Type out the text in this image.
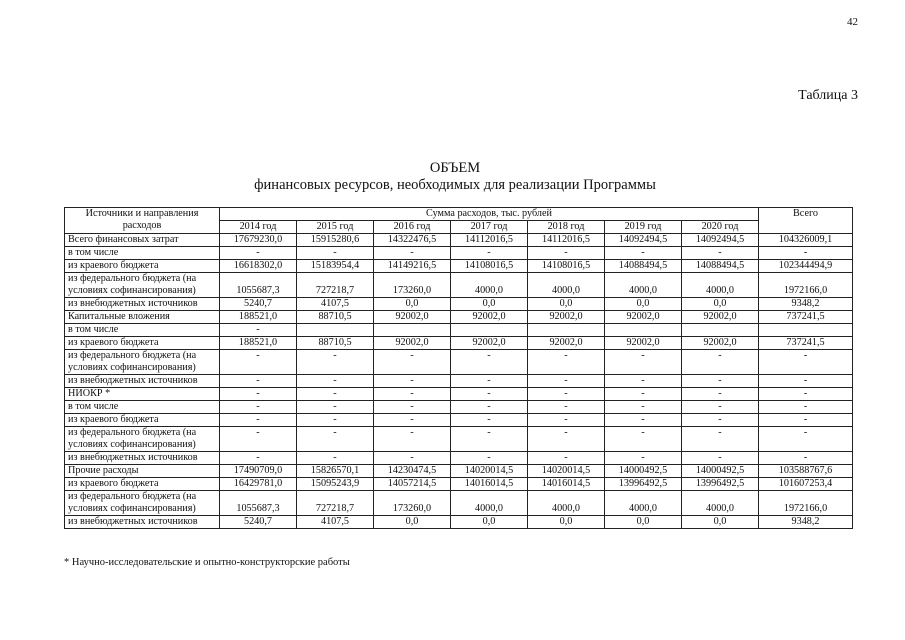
42
Таблица 3
ОБЪЕМ
финансовых ресурсов, необходимых для реализации Программы
Источники и направления расходов	Сумма расходов, тыс. рублей							Всего
	2014 год	2015 год	2016 год	2017 год	2018 год	2019 год	2020 год	
Всего финансовых затрат	17679230,0	15915280,6	14322476,5	14112016,5	14112016,5	14092494,5	14092494,5	104326009,1
в том числе	-	-	-	-	-	-	-	-
из краевого бюджета	16618302,0	15183954,4	14149216,5	14108016,5	14108016,5	14088494,5	14088494,5	102344494,9
из федерального бюджета (на условиях софинансирования)	1055687,3	727218,7	173260,0	4000,0	4000,0	4000,0	4000,0	1972166,0
из внебюджетных источников	5240,7	4107,5	0,0	0,0	0,0	0,0	0,0	9348,2
Капитальные вложения	188521,0	88710,5	92002,0	92002,0	92002,0	92002,0	92002,0	737241,5
в том числе	-							
из краевого бюджета	188521,0	88710,5	92002,0	92002,0	92002,0	92002,0	92002,0	737241,5
из федерального бюджета (на условиях софинансирования)	-	-	-	-	-	-	-	-
из внебюджетных источников	-	-	-	-	-	-	-	-
НИОКР *	-	-	-	-	-	-	-	-
в том числе	-	-	-	-	-	-	-	-
из краевого бюджета	-	-	-	-	-	-	-	-
из федерального бюджета (на условиях софинансирования)	-	-	-	-	-	-	-	-
из внебюджетных источников	-	-	-	-	-	-	-	-
Прочие расходы	17490709,0	15826570,1	14230474,5	14020014,5	14020014,5	14000492,5	14000492,5	103588767,6
из краевого бюджета	16429781,0	15095243,9	14057214,5	14016014,5	14016014,5	13996492,5	13996492,5	101607253,4
из федерального бюджета (на условиях софинансирования)	1055687,3	727218,7	173260,0	4000,0	4000,0	4000,0	4000,0	1972166,0
из внебюджетных источников	5240,7	4107,5	0,0	0,0	0,0	0,0	0,0	9348,2
* Научно-исследовательские и опытно-конструкторские работы
